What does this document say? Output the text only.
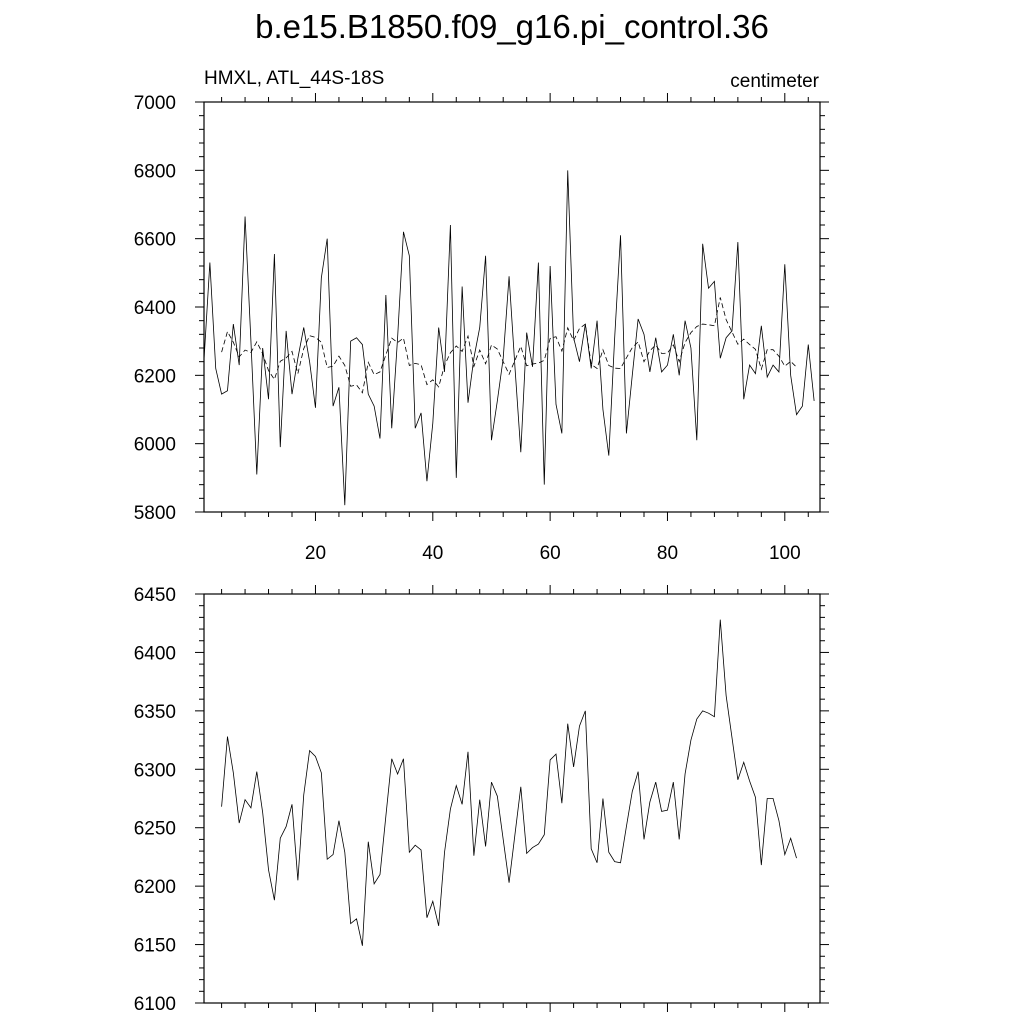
b.e15.B1850.f09_g16.pi_control.36
HMXL, ATL_44S-18S	centimeter
5800
6000
6200
6400
6600
6800
7000
20	40	60	80	100
6100
6150
6200
6250
6300
6350
6400
6450
